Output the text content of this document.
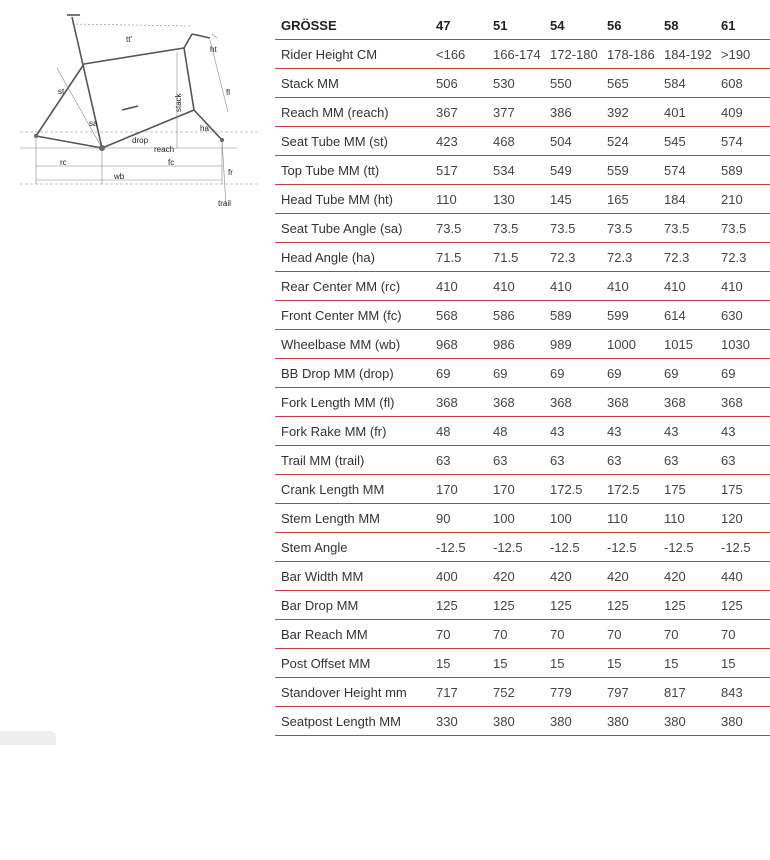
tt'
ht
st	fl
stack
sa
ha
drop
reach
rc	fc
wb	fr
trail
GRÖSSE	47	51	54	56	58	61
Rider Height CM	<166	166-174	172-180	178-186	184-192	>190
Stack MM	506	530	550	565	584	608
Reach MM (reach)	367	377	386	392	401	409
Seat Tube MM (st)	423	468	504	524	545	574
Top Tube MM (tt)	517	534	549	559	574	589
Head Tube MM (ht)	110	130	145	165	184	210
Seat Tube Angle (sa)	73.5	73.5	73.5	73.5	73.5	73.5
Head Angle (ha)	71.5	71.5	72.3	72.3	72.3	72.3
Rear Center MM (rc)	410	410	410	410	410	410
Front Center MM (fc)	568	586	589	599	614	630
Wheelbase MM (wb)	968	986	989	1000	1015	1030
BB Drop MM (drop)	69	69	69	69	69	69
Fork Length MM (fl)	368	368	368	368	368	368
Fork Rake MM (fr)	48	48	43	43	43	43
Trail MM (trail)	63	63	63	63	63	63
Crank Length MM	170	170	172.5	172.5	175	175
Stem Length MM	90	100	100	110	110	120
Stem Angle	-12.5	-12.5	-12.5	-12.5	-12.5	-12.5
Bar Width MM	400	420	420	420	420	440
Bar Drop MM	125	125	125	125	125	125
Bar Reach MM	70	70	70	70	70	70
Post Offset MM	15	15	15	15	15	15
Standover Height mm	717	752	779	797	817	843
Seatpost Length MM	330	380	380	380	380	380
